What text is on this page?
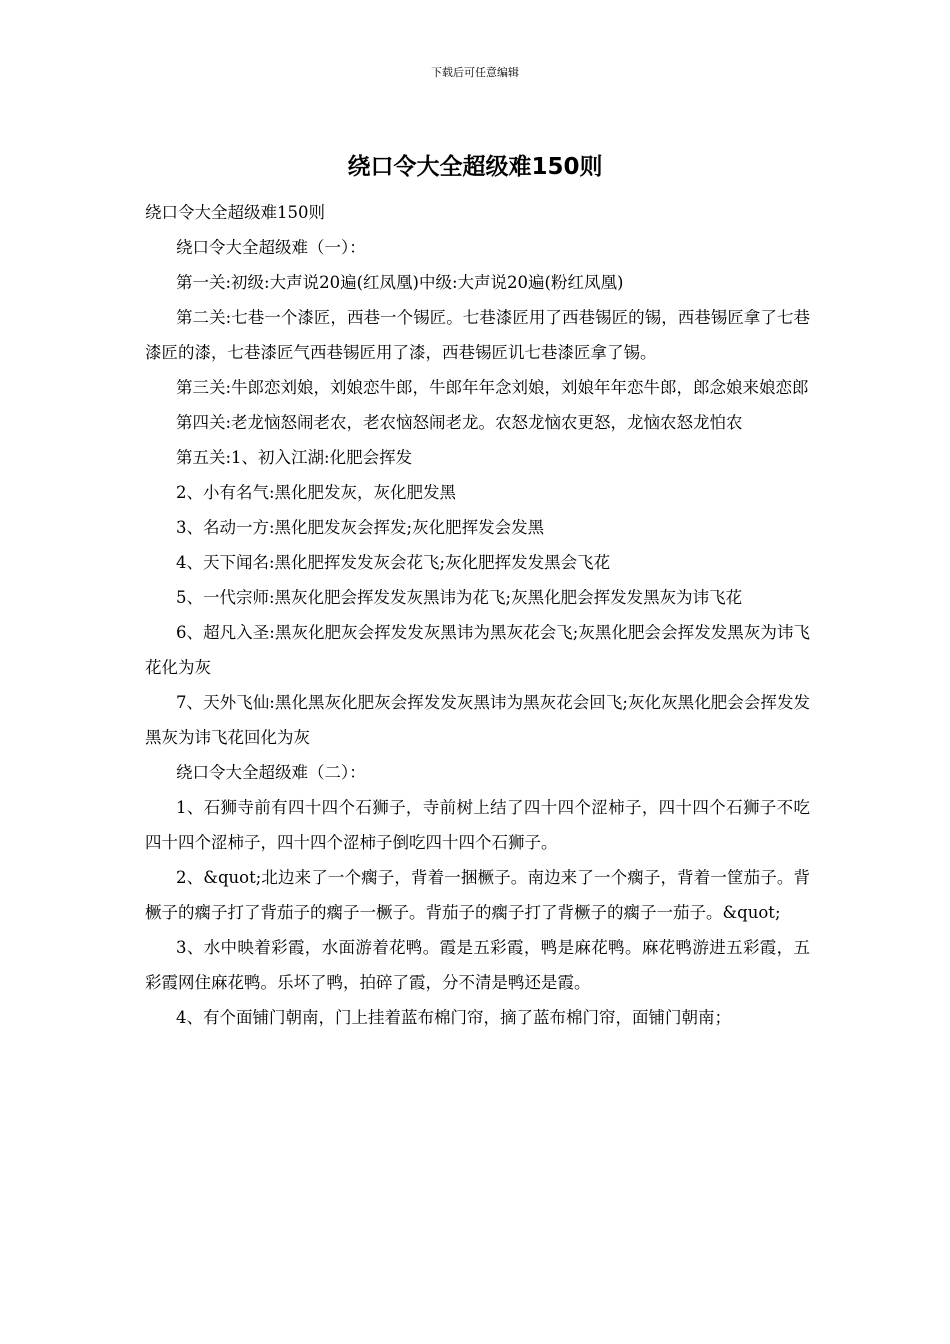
下载后可任意编辑
绕口令大全超级难150则

绕口令大全超级难150则

绕口令大全超级难（一）：

第一关:初级:大声说20遍(红凤凰)中级:大声说20遍(粉红凤凰)

第二关:七巷一个漆匠，西巷一个锡匠。七巷漆匠用了西巷锡匠的锡，西巷锡匠拿了七巷漆匠的漆，七巷漆匠气西巷锡匠用了漆，西巷锡匠讥七巷漆匠拿了锡。

第三关:牛郎恋刘娘，刘娘恋牛郎，牛郎年年念刘娘，刘娘年年恋牛郎，郎念娘来娘恋郎

第四关:老龙恼怒闹老农，老农恼怒闹老龙。农怒龙恼农更怒，龙恼农怒龙怕农

第五关:1、初入江湖:化肥会挥发

2、小有名气:黑化肥发灰，灰化肥发黑

3、名动一方:黑化肥发灰会挥发;灰化肥挥发会发黑

4、天下闻名:黑化肥挥发发灰会花飞;灰化肥挥发发黑会飞花

5、一代宗师:黑灰化肥会挥发发灰黑讳为花飞;灰黑化肥会挥发发黑灰为讳飞花

6、超凡入圣:黑灰化肥灰会挥发发灰黑讳为黑灰花会飞;灰黑化肥会会挥发发黑灰为讳飞花化为灰

7、天外飞仙:黑化黑灰化肥灰会挥发发灰黑讳为黑灰花会回飞;灰化灰黑化肥会会挥发发黑灰为讳飞花回化为灰

绕口令大全超级难（二）：

1、石狮寺前有四十四个石狮子，寺前树上结了四十四个涩柿子，四十四个石狮子不吃四十四个涩柿子，四十四个涩柿子倒吃四十四个石狮子。

2、&quot;北边来了一个瘸子，背着一捆橛子。南边来了一个瘸子，背着一筐茄子。背橛子的瘸子打了背茄子的瘸子一橛子。背茄子的瘸子打了背橛子的瘸子一茄子。&quot;

3、水中映着彩霞，水面游着花鸭。霞是五彩霞，鸭是麻花鸭。麻花鸭游进五彩霞，五彩霞网住麻花鸭。乐坏了鸭，拍碎了霞，分不清是鸭还是霞。

4、有个面铺门朝南，门上挂着蓝布棉门帘，摘了蓝布棉门帘，面铺门朝南；
